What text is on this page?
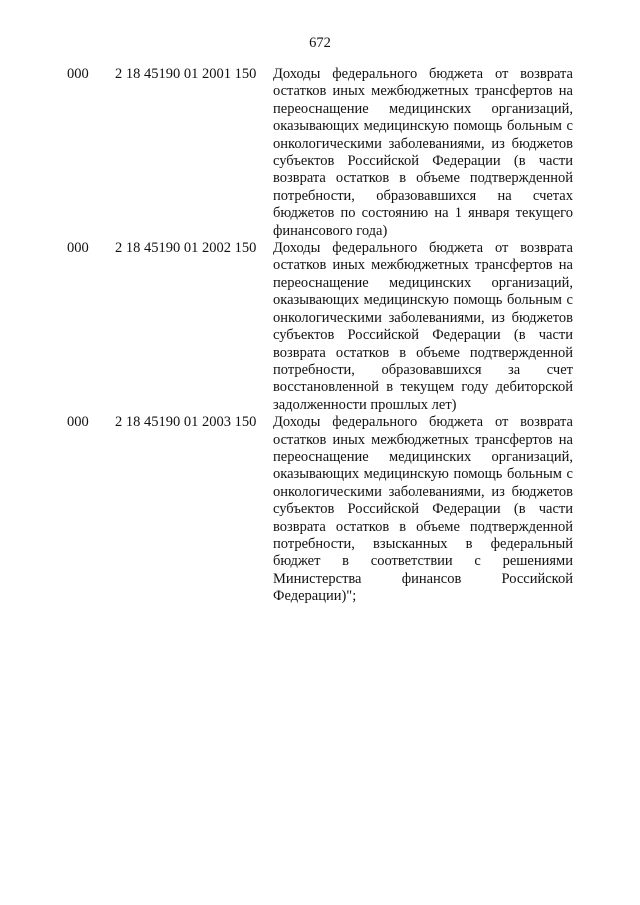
672
000	2 18 45190 01 2001 150	Доходы федерального бюджета от возврата остатков иных межбюджетных трансфертов на переоснащение медицинских организаций, оказывающих медицинскую помощь больным с онкологическими заболеваниями, из бюджетов субъектов Российской Федерации (в части возврата остатков в объеме подтвержденной потребности, образовавшихся на счетах бюджетов по состоянию на 1 января текущего финансового года)
000	2 18 45190 01 2002 150	Доходы федерального бюджета от возврата остатков иных межбюджетных трансфертов на переоснащение медицинских организаций, оказывающих медицинскую помощь больным с онкологическими заболеваниями, из бюджетов субъектов Российской Федерации (в части возврата остатков в объеме подтвержденной потребности, образовавшихся за счет восстановленной в текущем году дебиторской задолженности прошлых лет)
000	2 18 45190 01 2003 150	Доходы федерального бюджета от возврата остатков иных межбюджетных трансфертов на переоснащение медицинских организаций, оказывающих медицинскую помощь больным с онкологическими заболеваниями, из бюджетов субъектов Российской Федерации (в части возврата остатков в объеме подтвержденной потребности, взысканных в федеральный бюджет в соответствии с решениями Министерства финансов Российской Федерации)";
